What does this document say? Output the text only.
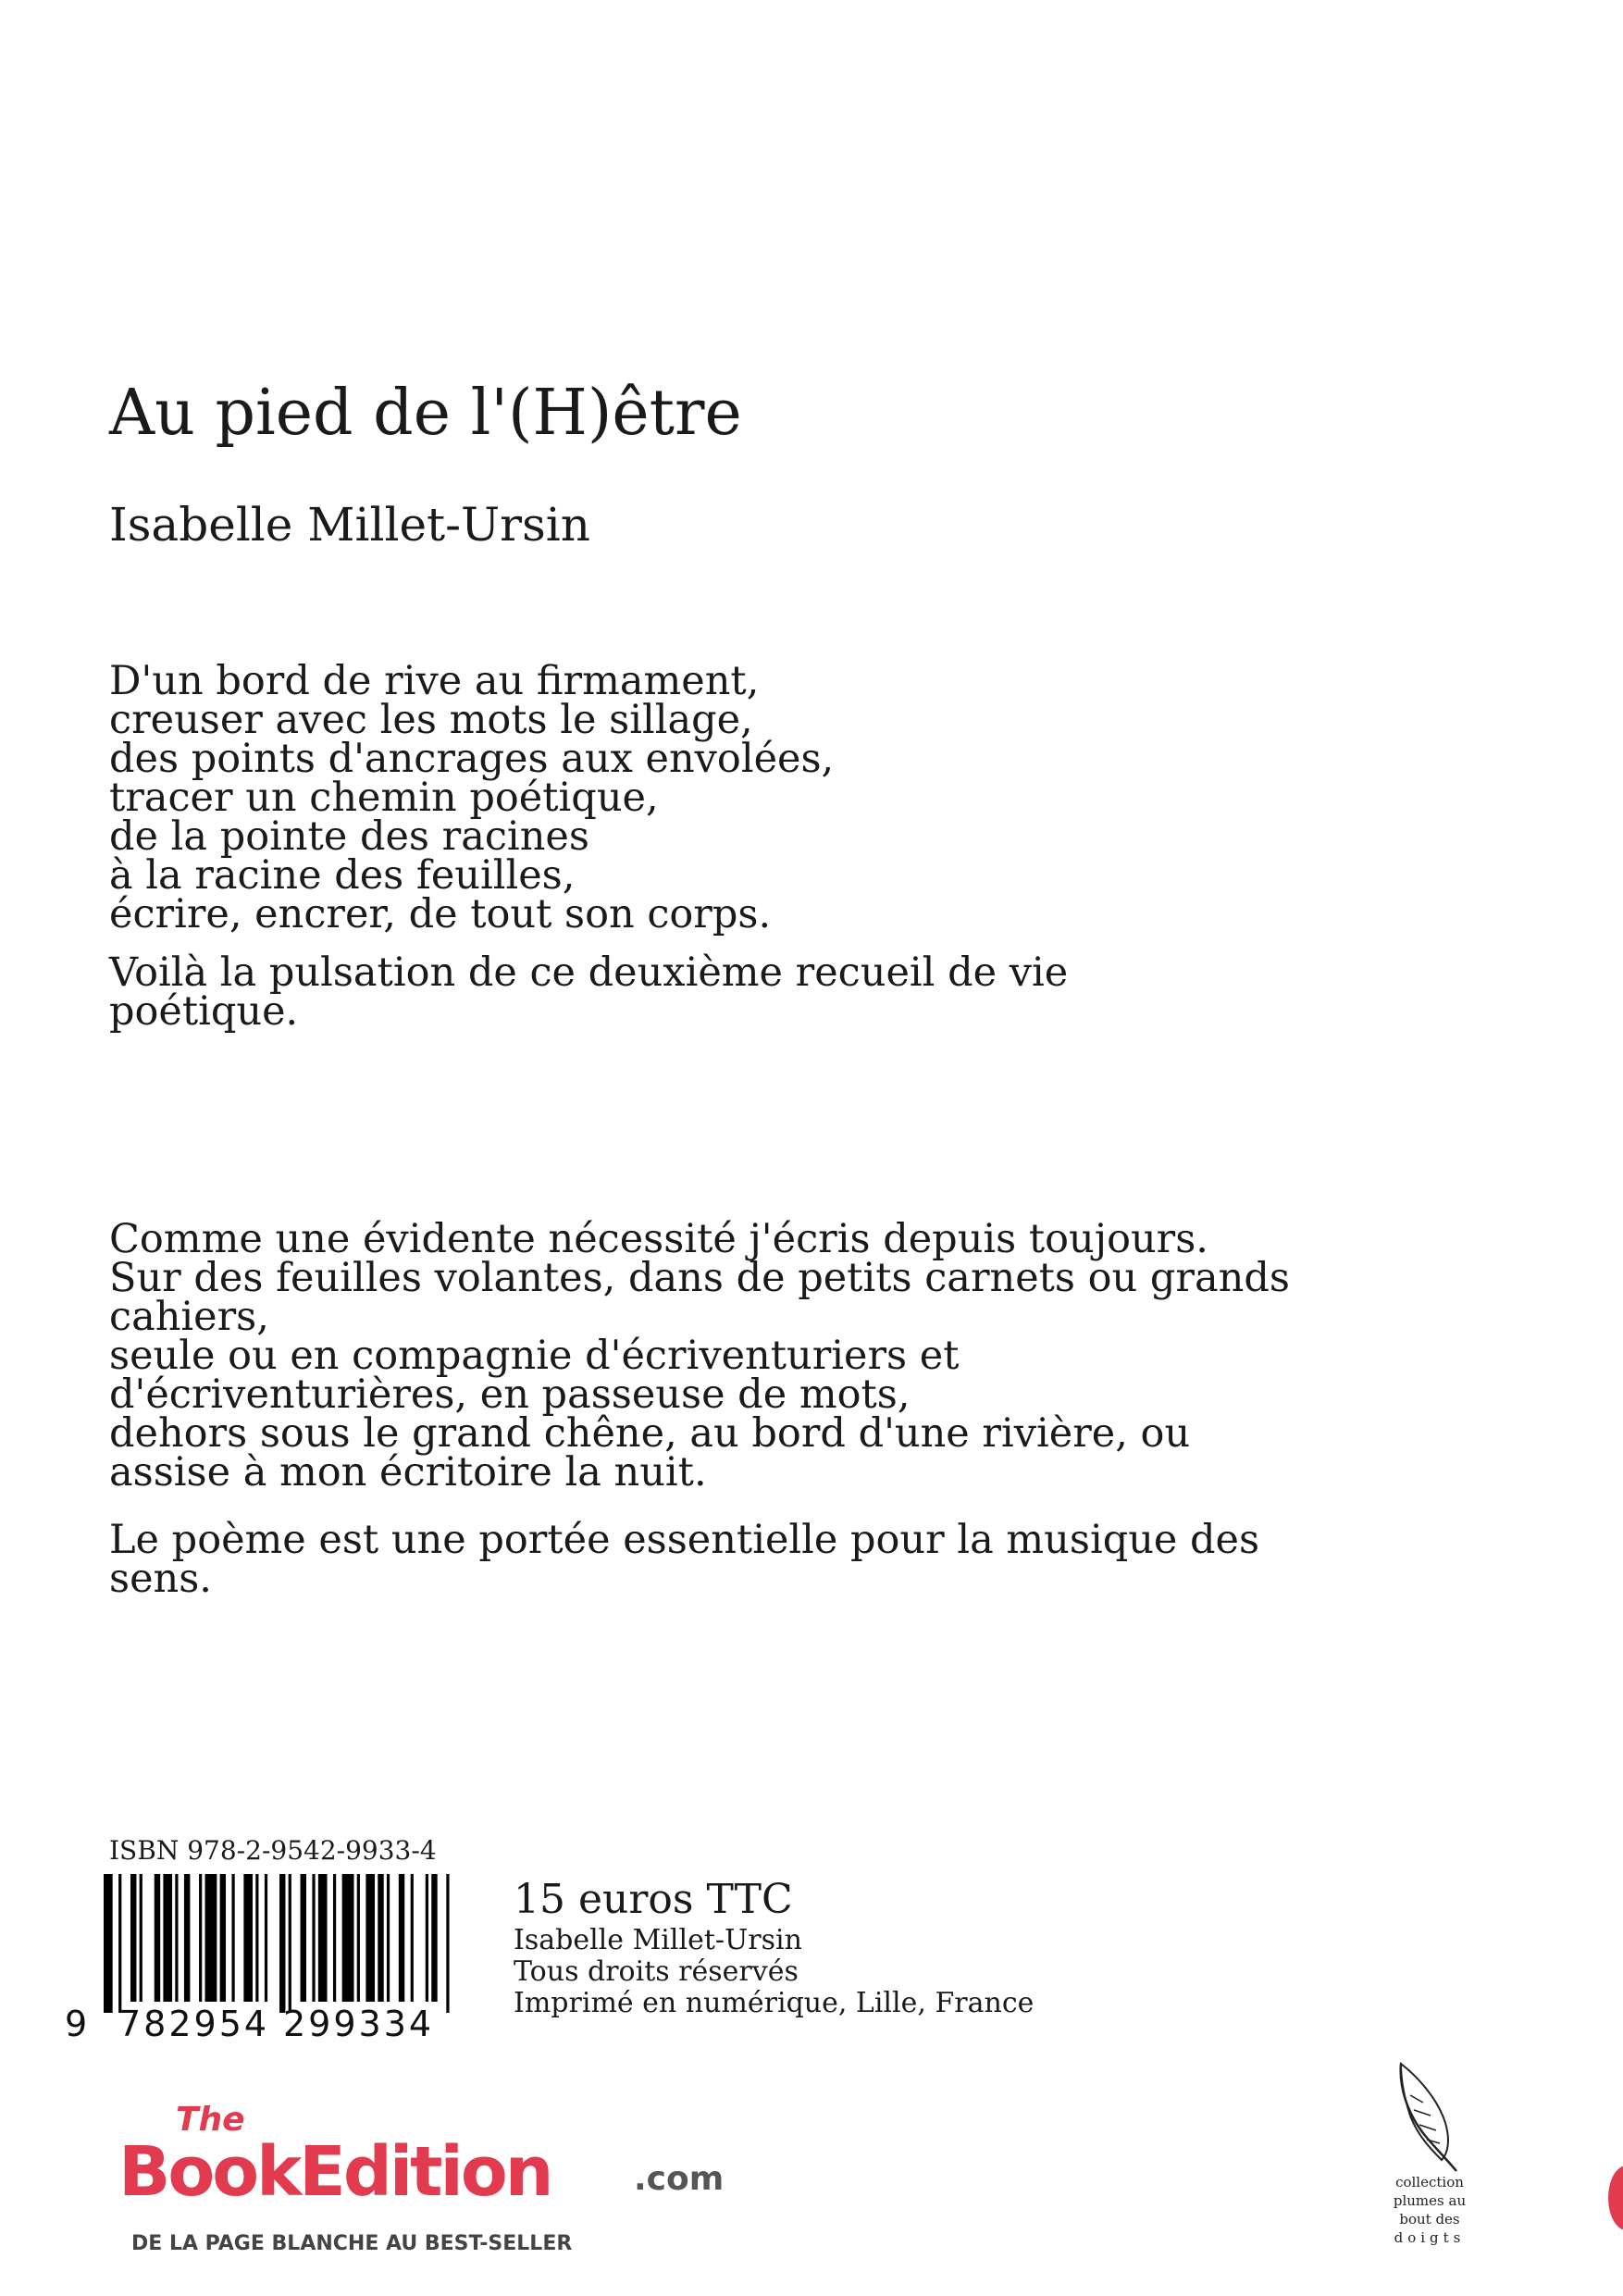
Au pied de l'(H)être
Isabelle Millet-Ursin
D'un bord de rive au firmament,
creuser avec les mots le sillage,
des points d'ancrages aux envolées,
tracer un chemin poétique,
de la pointe des racines
à la racine des feuilles,
écrire, encrer, de tout son corps.
Voilà la pulsation de ce deuxième recueil de vie
poétique.
Comme une évidente nécessité j'écris depuis toujours.
Sur des feuilles volantes, dans de petits carnets ou grands
cahiers,
seule ou en compagnie d'écriventuriers et
d'écriventurières, en passeuse de mots,
dehors sous le grand chêne, au bord d'une rivière, ou
assise à mon écritoire la nuit.
Le poème est une portée essentielle pour la musique des
sens.
ISBN 978-2-9542-9933-4
9 782954 299334
15 euros TTC
Isabelle Millet-Ursin
Tous droits réservés
Imprimé en numérique, Lille, France
The
BookEdition .com
DE LA PAGE BLANCHE AU BEST-SELLER
collection
plumes au
bout des
doigts
